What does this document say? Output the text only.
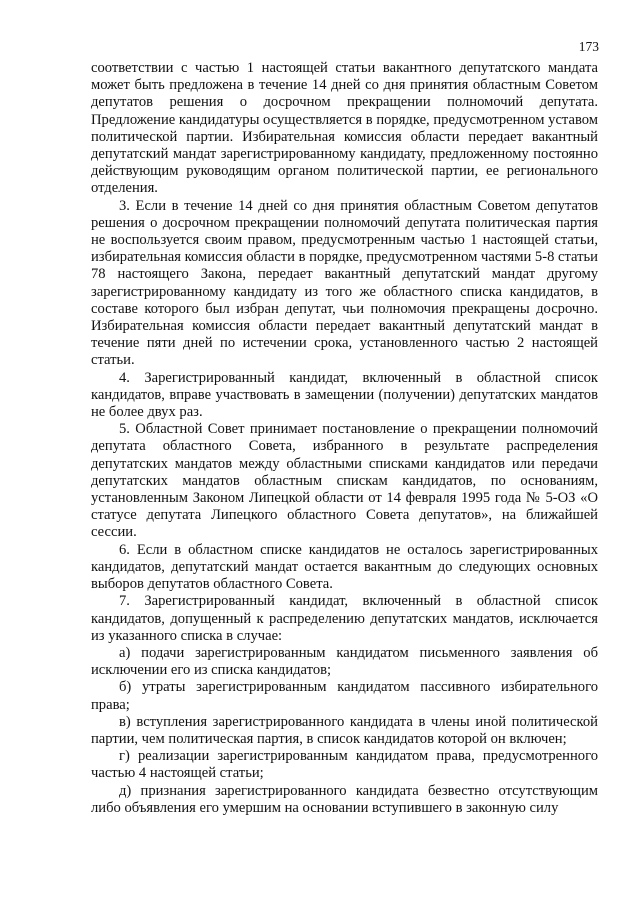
173

соответствии с частью 1 настоящей статьи вакантного депутатского мандата может быть предложена в течение 14 дней со дня принятия областным Советом депутатов решения о досрочном прекращении полномочий депутата. Предложение кандидатуры осуществляется в порядке, предусмотренном уставом политической партии. Избирательная комиссия области передает вакантный депутатский мандат зарегистрированному кандидату, предложенному постоянно действующим руководящим органом политической партии, ее регионального отделения.

3. Если в течение 14 дней со дня принятия областным Советом депутатов решения о досрочном прекращении полномочий депутата политическая партия не воспользуется своим правом, предусмотренным частью 1 настоящей статьи, избирательная комиссия области в порядке, предусмотренном частями 5-8 статьи 78 настоящего Закона, передает вакантный депутатский мандат другому зарегистрированному кандидату из того же областного списка кандидатов, в составе которого был избран депутат, чьи полномочия прекращены досрочно. Избирательная комиссия области передает вакантный депутатский мандат в течение пяти дней по истечении срока, установленного частью 2 настоящей статьи.

4. Зарегистрированный кандидат, включенный в областной список кандидатов, вправе участвовать в замещении (получении) депутатских мандатов не более двух раз.

5. Областной Совет принимает постановление о прекращении полномочий депутата областного Совета, избранного в результате распределения депутатских мандатов между областными списками кандидатов или передачи депутатских мандатов областным спискам кандидатов, по основаниям, установленным Законом Липецкой области от 14 февраля 1995 года № 5-ОЗ «О статусе депутата Липецкого областного Совета депутатов», на ближайшей сессии.

6. Если в областном списке кандидатов не осталось зарегистрированных кандидатов, депутатский мандат остается вакантным до следующих основных выборов депутатов областного Совета.

7. Зарегистрированный кандидат, включенный в областной список кандидатов, допущенный к распределению депутатских мандатов, исключается из указанного списка в случае:

а) подачи зарегистрированным кандидатом письменного заявления об исключении его из списка кандидатов;

б) утраты зарегистрированным кандидатом пассивного избирательного права;

в) вступления зарегистрированного кандидата в члены иной политической партии, чем политическая партия, в список кандидатов которой он включен;

г) реализации зарегистрированным кандидатом права, предусмотренного частью 4 настоящей статьи;

д) признания зарегистрированного кандидата безвестно отсутствующим либо объявления его умершим на основании вступившего в законную силу
